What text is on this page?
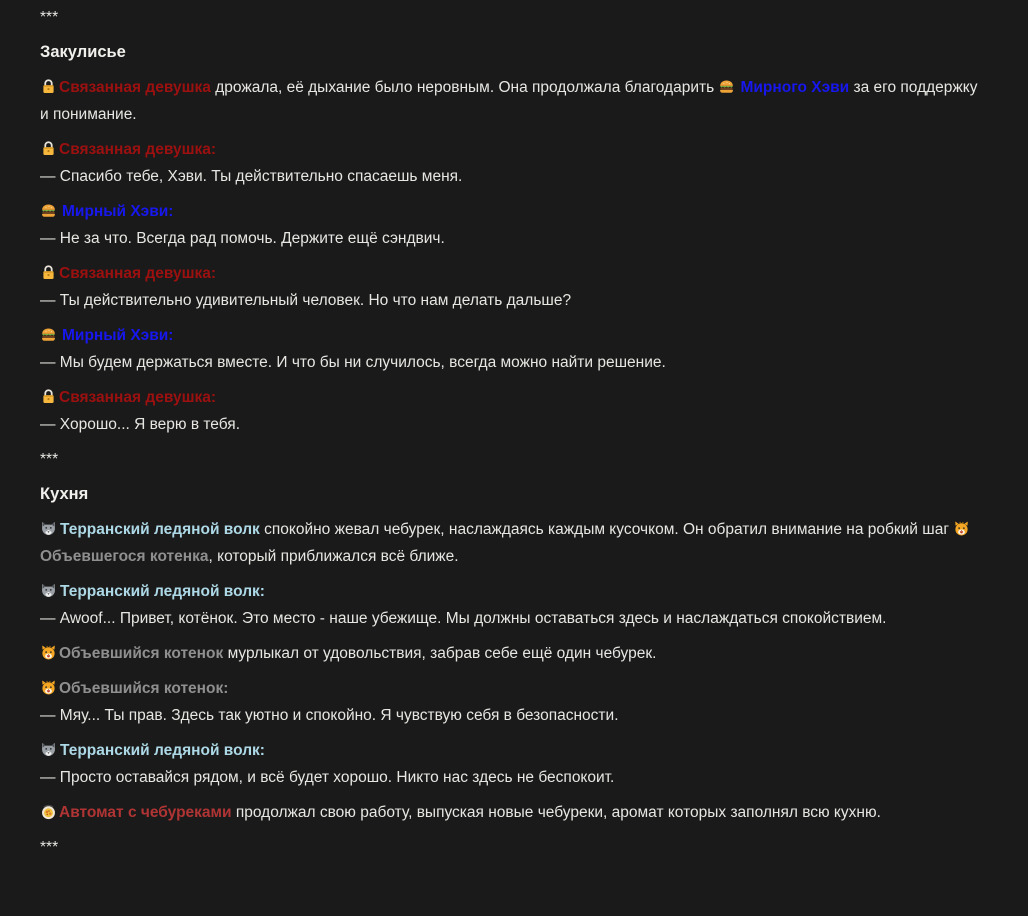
***

Закулисье

Связанная девушка дрожала, её дыхание было неровным. Она продолжала благодарить Мирного Хэви за его поддержку и понимание.

Связанная девушка:
— Спасибо тебе, Хэви. Ты действительно спасаешь меня.

Мирный Хэви:
— Не за что. Всегда рад помочь. Держите ещё сэндвич.

Связанная девушка:
— Ты действительно удивительный человек. Но что нам делать дальше?

Мирный Хэви:
— Мы будем держаться вместе. И что бы ни случилось, всегда можно найти решение.

Связанная девушка:
— Хорошо... Я верю в тебя.

***

Кухня

Терранский ледяной волк спокойно жевал чебурек, наслаждаясь каждым кусочком. Он обратил внимание на робкий шаг Объевшегося котенка, который приближался всё ближе.

Терранский ледяной волк:
— Awoof... Привет, котёнок. Это место - наше убежище. Мы должны оставаться здесь и наслаждаться спокойствием.

Объевшийся котенок мурлыкал от удовольствия, забрав себе ещё один чебурек.

Объевшийся котенок:
— Мяу... Ты прав. Здесь так уютно и спокойно. Я чувствую себя в безопасности.

Терранский ледяной волк:
— Просто оставайся рядом, и всё будет хорошо. Никто нас здесь не беспокоит.

Автомат с чебуреками продолжал свою работу, выпуская новые чебуреки, аромат которых заполнял всю кухню.

***
